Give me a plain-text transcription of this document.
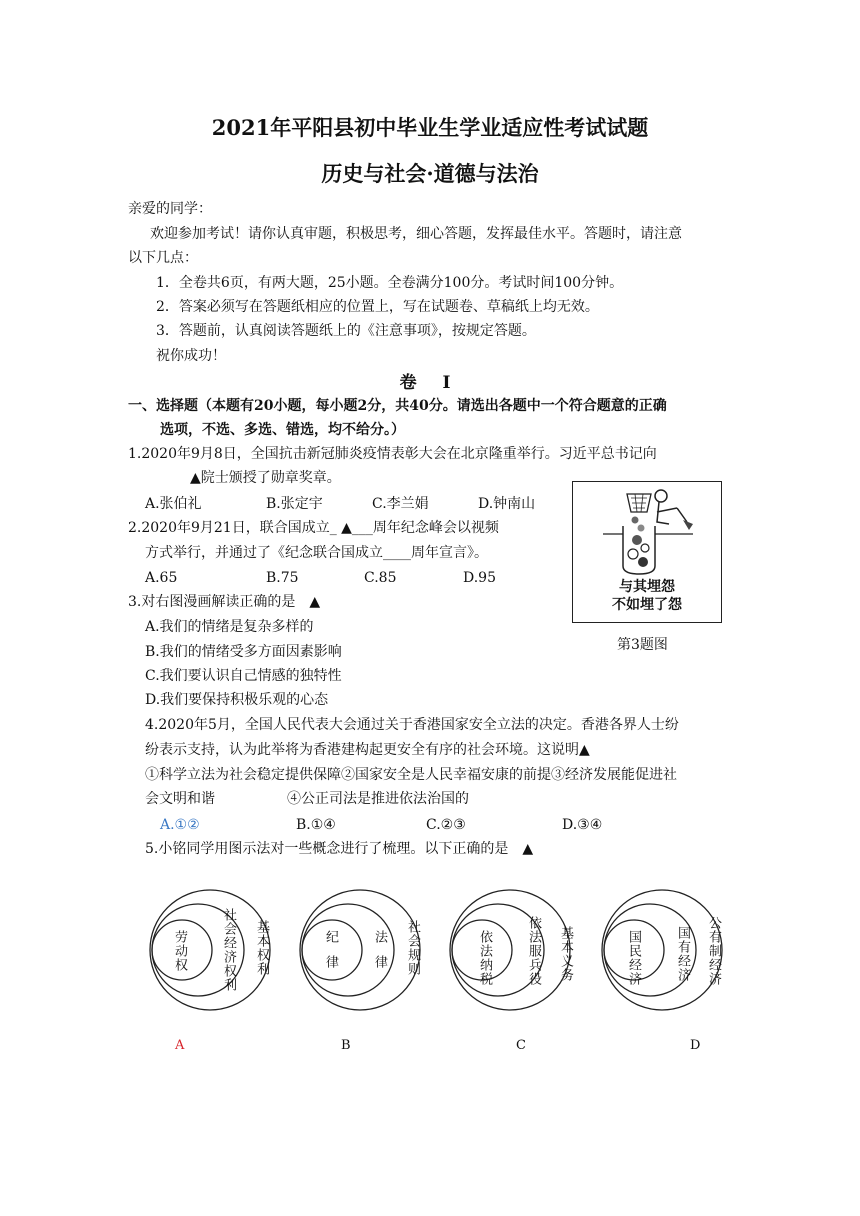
2021年平阳县初中毕业生学业适应性考试试题
历史与社会·道德与法治
亲爱的同学：
欢迎参加考试！请你认真审题，积极思考，细心答题，发挥最佳水平。答题时，请注意
以下几点：
1．全卷共6页，有两大题，25小题。全卷满分100分。考试时间100分钟。
2．答案必须写在答题纸相应的位置上，写在试题卷、草稿纸上均无效。
3．答题前，认真阅读答题纸上的《注意事项》，按规定答题。
祝你成功！
卷 Ⅰ
一、选择题（本题有20小题，每小题2分，共40分。请选出各题中一个符合题意的正确
选项，不选、多选、错选，均不给分。）
1.2020年9月8日，全国抗击新冠肺炎疫情表彰大会在北京隆重举行。习近平总书记向
▲院士颁授了勋章奖章。
A.张伯礼	B.张定宇	C.李兰娟	D.钟南山
2.2020年9月21日，联合国成立_ ▲___周年纪念峰会以视频
方式举行，并通过了《纪念联合国成立____周年宣言》。
A.65	B.75	C.85	D.95
3.对右图漫画解读正确的是　▲
A.我们的情绪是复杂多样的
B.我们的情绪受多方面因素影响
C.我们要认识自己情感的独特性
D.我们要保持积极乐观的心态
与其埋怨
不如埋了怨
第3题图
4.2020年5月，全国人民代表大会通过关于香港国家安全立法的决定。香港各界人士纷
纷表示支持，认为此举将为香港建构起更安全有序的社会环境。这说明▲
①科学立法为社会稳定提供保障②国家安全是人民幸福安康的前提③经济发展能促进社
会文明和谐	④公正司法是推进依法治国的
A.①②	B.①④	C.②③	D.③④
5.小铭同学用图示法对一些概念进行了梳理。以下正确的是　▲
劳动权	社会经济权利 基本权利
A
纪律	法律 社会规则
B
依法纳税	依法服兵役 基本义务
C
国民经济	国有经济 公有制经济
D
